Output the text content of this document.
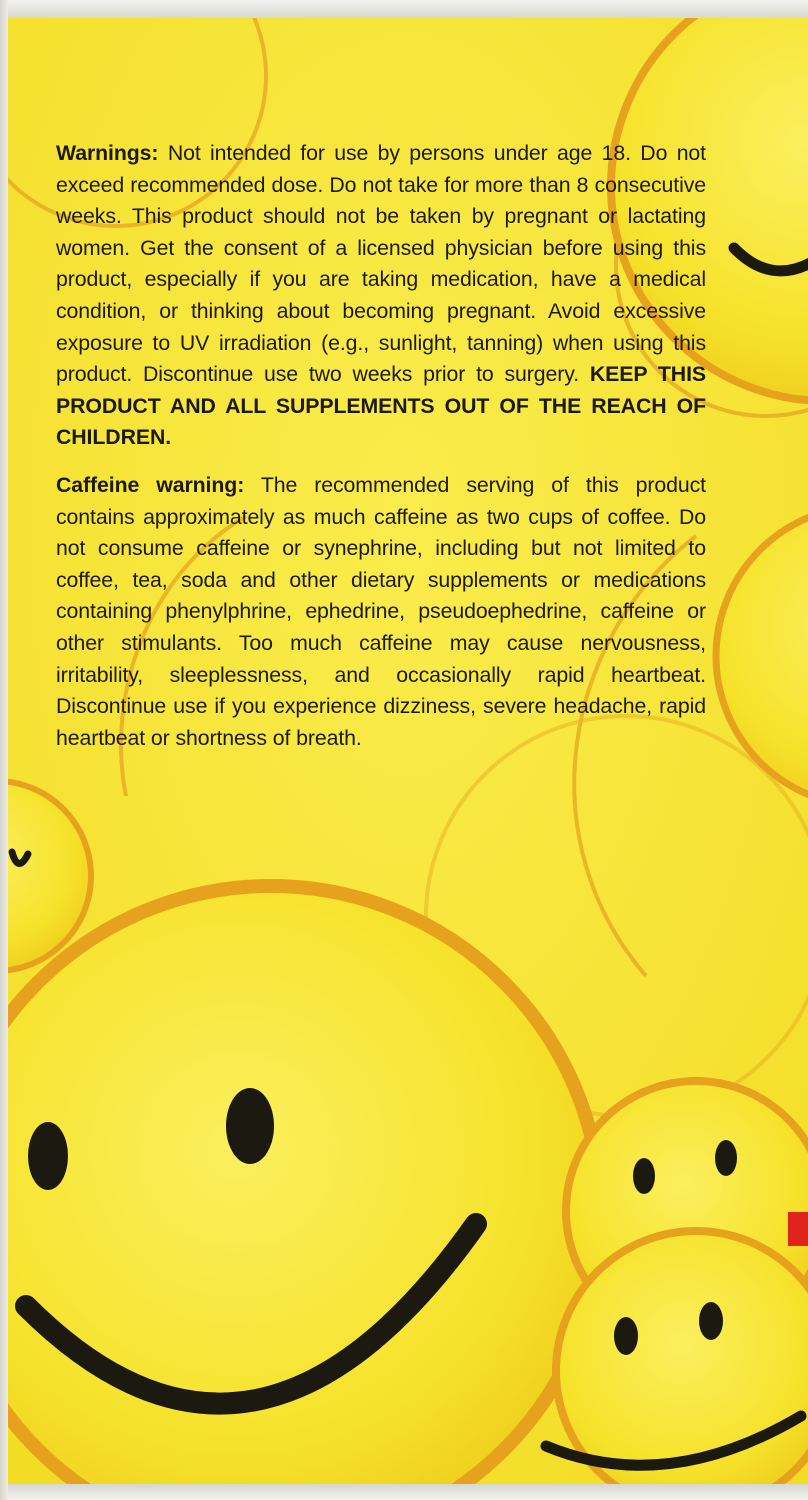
Warnings: Not intended for use by persons under age 18. Do not exceed recommended dose. Do not take for more than 8 consecutive weeks. This product should not be taken by pregnant or lactating women. Get the consent of a licensed physician before using this product, especially if you are taking medication, have a medical condition, or thinking about becoming pregnant. Avoid excessive exposure to UV irradiation (e.g., sunlight, tanning) when using this product. Discontinue use two weeks prior to surgery. KEEP THIS PRODUCT AND ALL SUPPLEMENTS OUT OF THE REACH OF CHILDREN.

Caffeine warning: The recommended serving of this product contains approximately as much caffeine as two cups of coffee. Do not consume caffeine or synephrine, including but not limited to coffee, tea, soda and other dietary supplements or medications containing phenylphrine, ephedrine, pseudoephedrine, caffeine or other stimulants. Too much caffeine may cause nervousness, irritability, sleeplessness, and occasionally rapid heartbeat. Discontinue use if you experience dizziness, severe headache, rapid heartbeat or shortness of breath.
